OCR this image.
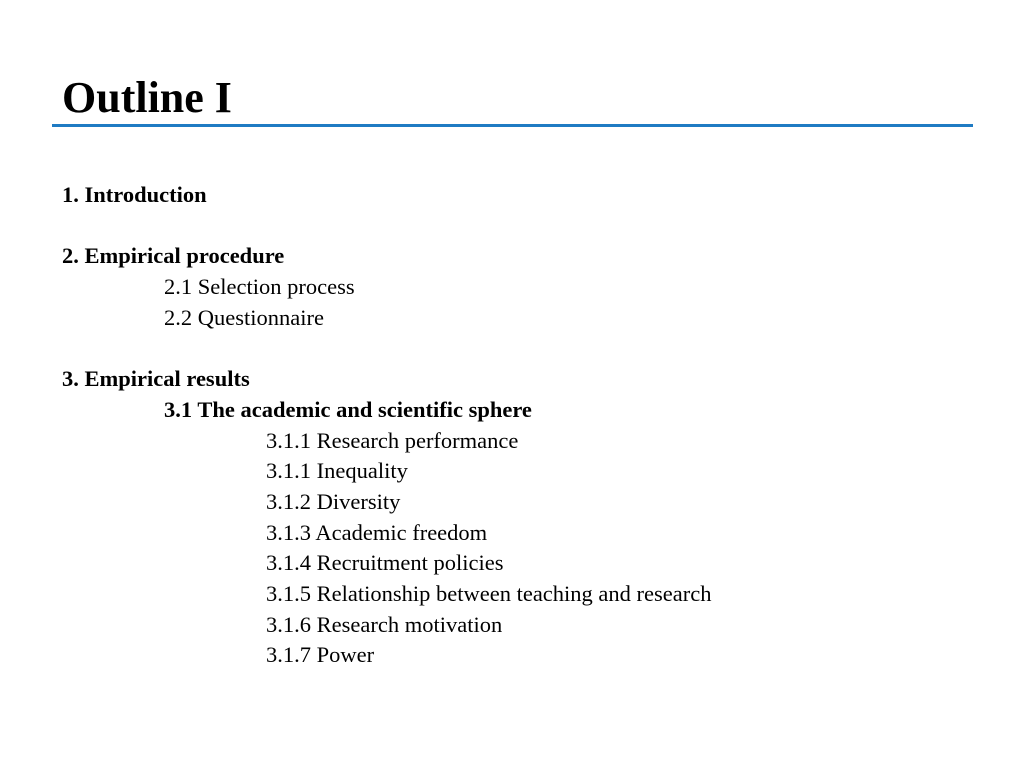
Outline I
1. Introduction
2. Empirical procedure
2.1 Selection process
2.2 Questionnaire
3. Empirical results
3.1 The academic and scientific sphere
3.1.1 Research performance
3.1.1 Inequality
3.1.2 Diversity
3.1.3 Academic freedom
3.1.4 Recruitment policies
3.1.5 Relationship between teaching and research
3.1.6 Research motivation
3.1.7 Power
